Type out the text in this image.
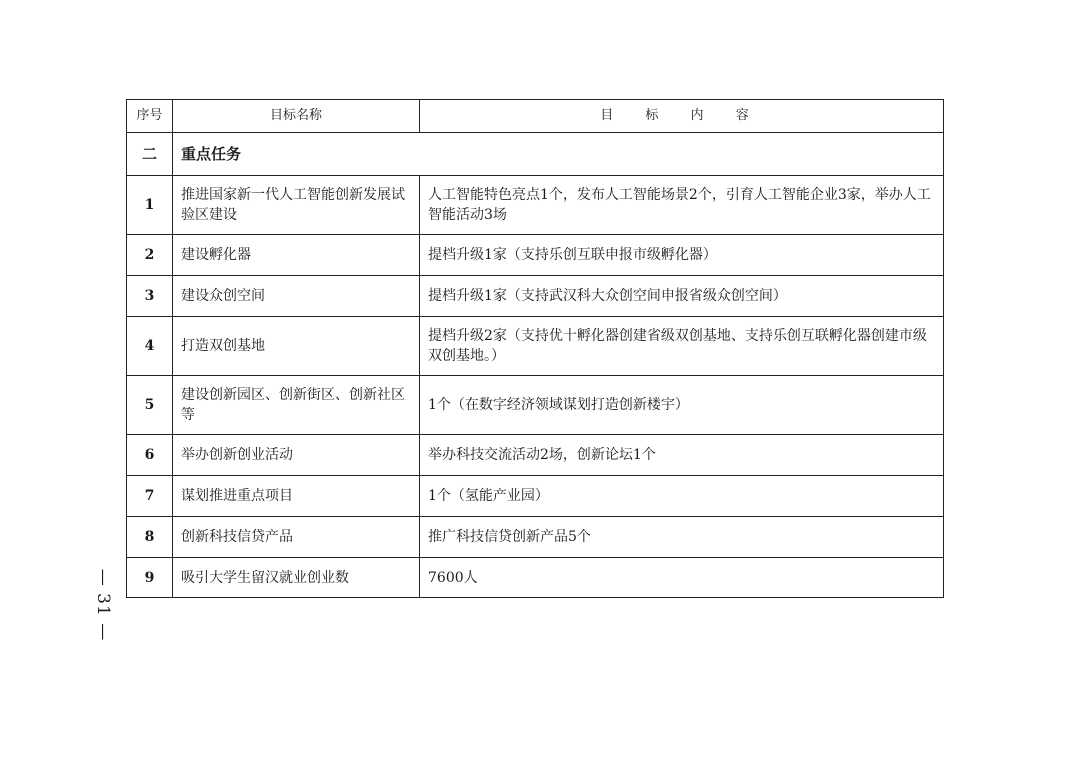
序号	目标名称	目 标 内 容
二	重点任务	
1	推进国家新一代人工智能创新发展试验区建设	人工智能特色亮点1个，发布人工智能场景2个，引育人工智能企业3家，举办人工智能活动3场
2	建设孵化器	提档升级1家（支持乐创互联申报市级孵化器）
3	建设众创空间	提档升级1家（支持武汉科大众创空间申报省级众创空间）
4	打造双创基地	提档升级2家（支持优十孵化器创建省级双创基地、支持乐创互联孵化器创建市级双创基地。）
5	建设创新园区、创新街区、创新社区等	1个（在数字经济领域谋划打造创新楼宇）
6	举办创新创业活动	举办科技交流活动2场，创新论坛1个
7	谋划推进重点项目	1个（氢能产业园）
8	创新科技信贷产品	推广科技信贷创新产品5个
9	吸引大学生留汉就业创业数	7600人
— 31 —
